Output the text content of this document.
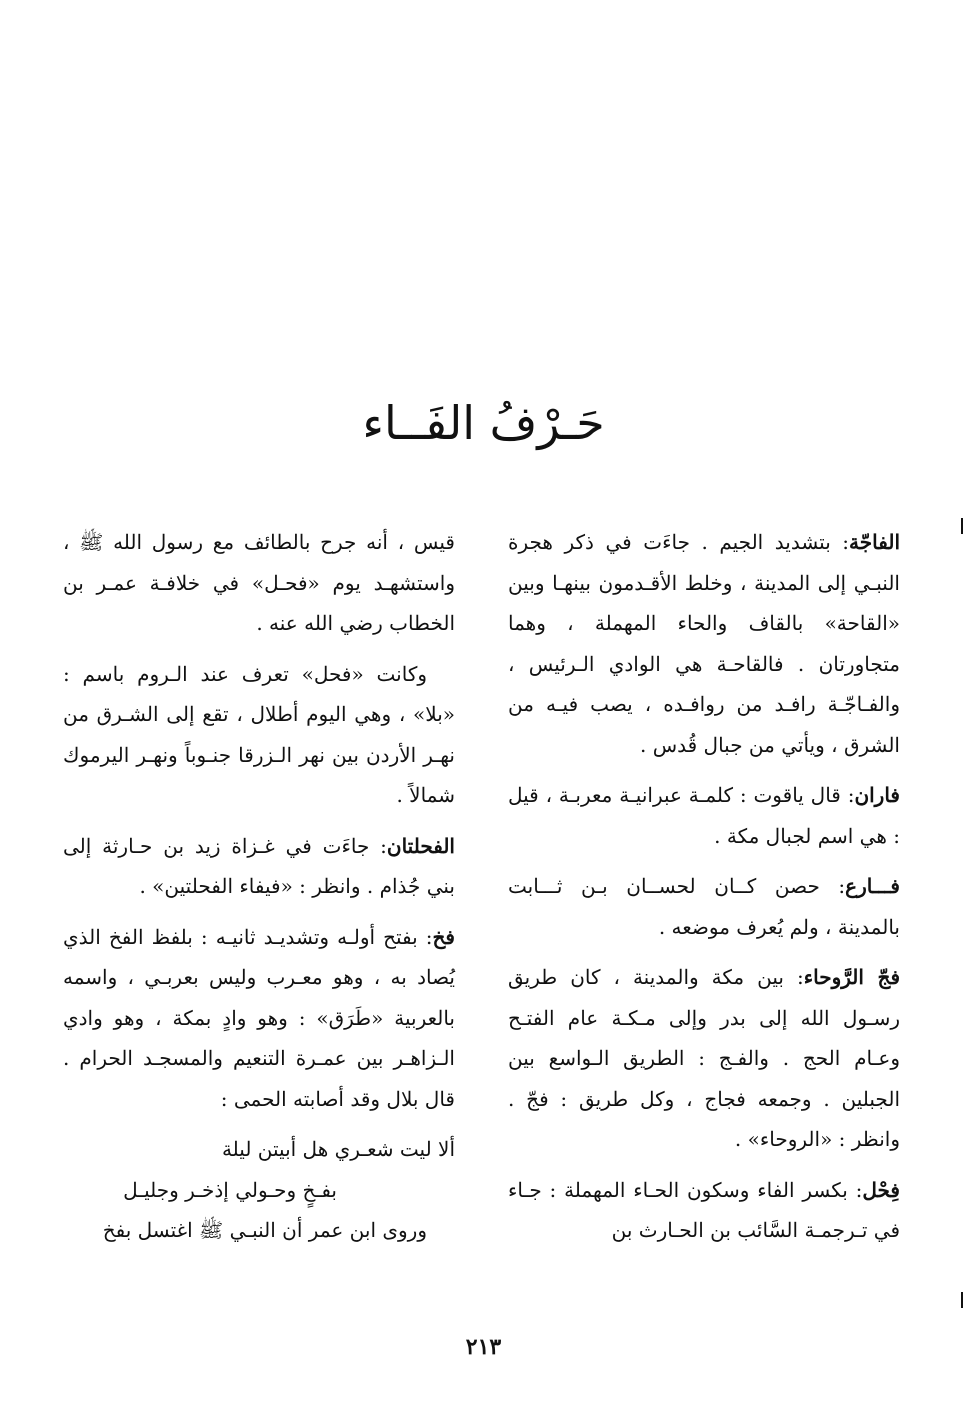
حَـرْفُ الفَــاء

الفاجّة: بتشديد الجيم . جاءَت في ذكر هجرة النبـي إلى المدينة ، وخلط الأقـدمون بينهـا وبين «القاحة» بالقاف والحاء المهملة ، وهما متجاورتان . فالقاحـة هي الوادي الـرئيس ، والفـاجّـة رافـد من روافـده ، يصب فيـه من الشرق ، ويأتي من جبال قُدس .

فاران: قال ياقوت : كلمـة عبرانيـة معربـة ، قيل : هي اسم لجبال مكة .

فـــارع: حصن كــان لحســان بـن ثـــابت بالمدينة ، ولم يُعرف موضعه .

فجّ الرَّوحاء: بين مكة والمدينة ، كان طريق رسـول الله إلى بدر وإلى مـكـة عام الفتـح وعـام الحج . والفـج : الطريق الـواسع بين الجبلين . وجمعه فجاج ، وكل طريق : فجّ . وانظر : «الروحاء» .

فِحْل: بكسر الفاء وسكون الحـاء المهملة : جـاء في تـرجمـة السَّائب بن الحـارث بن

قيس ، أنه جرح بالطائف مع رسول الله ﷺ ، واستشهـد يوم «فحـل» في خلافـة عمـر بن الخطاب رضي الله عنه .

وكانت «فحل» تعرف عند الـروم باسم : «بلا» ، وهي اليوم أطلال ، تقع إلى الشـرق من نهـر الأردن بين نهر الـزرقا جنـوباً ونهـر اليرموك شمالاً .

الفحلتان: جاءَت في غـزاة زيد بن حـارثة إلى بني جُذام . وانظر : «فيفاء الفحلتين» .

فخ: بفتح أولـه وتشديـد ثانيـه : بلفظ الفخ الذي يُصاد به ، وهو معـرب وليس بعربـي ، واسمه بالعربية «طَرَق» : وهو وادٍ بمكة ، وهو وادي الـزاهـر بين عمـرة التنعيم والمسجـد الحرام . قال بلال وقد أصابته الحمى :

ألا ليت شعـري هل أبيتن ليلة

بفـخٍ وحـولي إذخـر وجليـل

وروى ابن عمر أن النبـي ﷺ اغتسل بفخ

٢١٣
